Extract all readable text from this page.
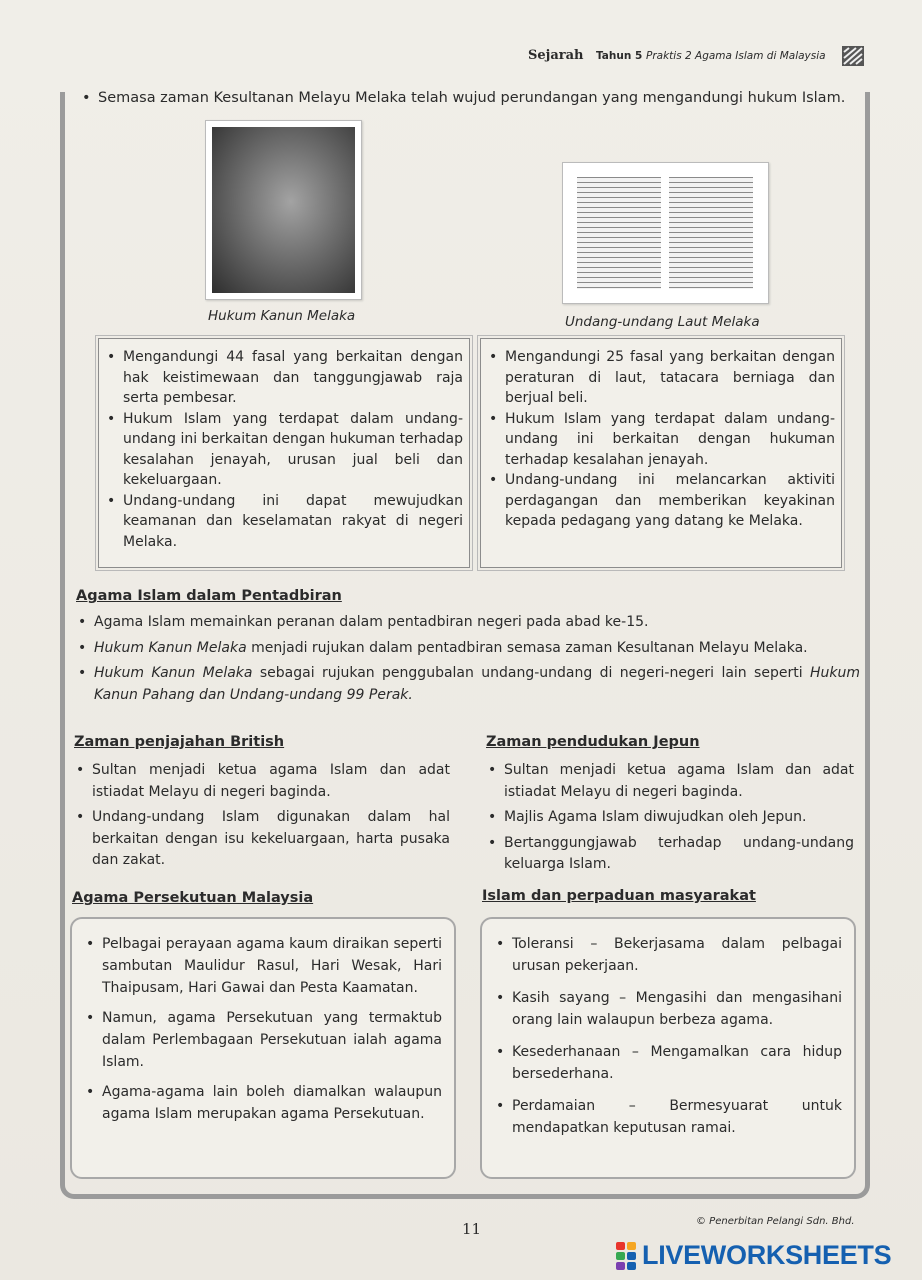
Sejarah Tahun 5 Praktis 2 Agama Islam di Malaysia
• Semasa zaman Kesultanan Melayu Melaka telah wujud perundangan yang mengandungi hukum Islam.
Hukum Kanun Melaka	Undang-undang Laut Melaka
• Mengandungi 44 fasal yang berkaitan dengan hak keistimewaan dan tanggungjawab raja serta pembesar.
• Hukum Islam yang terdapat dalam undang-undang ini berkaitan dengan hukuman terhadap kesalahan jenayah, urusan jual beli dan kekeluargaan.
• Undang-undang ini dapat mewujudkan keamanan dan keselamatan rakyat di negeri Melaka.
• Mengandungi 25 fasal yang berkaitan dengan peraturan di laut, tatacara berniaga dan berjual beli.
• Hukum Islam yang terdapat dalam undang-undang ini berkaitan dengan hukuman terhadap kesalahan jenayah.
• Undang-undang ini melancarkan aktiviti perdagangan dan memberikan keyakinan kepada pedagang yang datang ke Melaka.
Agama Islam dalam Pentadbiran
• Agama Islam memainkan peranan dalam pentadbiran negeri pada abad ke-15.
• Hukum Kanun Melaka menjadi rujukan dalam pentadbiran semasa zaman Kesultanan Melayu Melaka.
• Hukum Kanun Melaka sebagai rujukan penggubalan undang-undang di negeri-negeri lain seperti Hukum Kanun Pahang dan Undang-undang 99 Perak.
Zaman penjajahan British
• Sultan menjadi ketua agama Islam dan adat istiadat Melayu di negeri baginda.
• Undang-undang Islam digunakan dalam hal berkaitan dengan isu kekeluargaan, harta pusaka dan zakat.
Zaman pendudukan Jepun
• Sultan menjadi ketua agama Islam dan adat istiadat Melayu di negeri baginda.
• Majlis Agama Islam diwujudkan oleh Jepun.
• Bertanggungjawab terhadap undang-undang keluarga Islam.
Agama Persekutuan Malaysia
• Pelbagai perayaan agama kaum diraikan seperti sambutan Maulidur Rasul, Hari Wesak, Hari Thaipusam, Hari Gawai dan Pesta Kaamatan.
• Namun, agama Persekutuan yang termaktub dalam Perlembagaan Persekutuan ialah agama Islam.
• Agama-agama lain boleh diamalkan walaupun agama Islam merupakan agama Persekutuan.
Islam dan perpaduan masyarakat
• Toleransi – Bekerjasama dalam pelbagai urusan pekerjaan.
• Kasih sayang – Mengasihi dan mengasihani orang lain walaupun berbeza agama.
• Kesederhanaan – Mengamalkan cara hidup bersederhana.
• Perdamaian – Bermesyuarat untuk mendapatkan keputusan ramai.
11	© Penerbitan Pelangi Sdn. Bhd.
LIVEWORKSHEETS
